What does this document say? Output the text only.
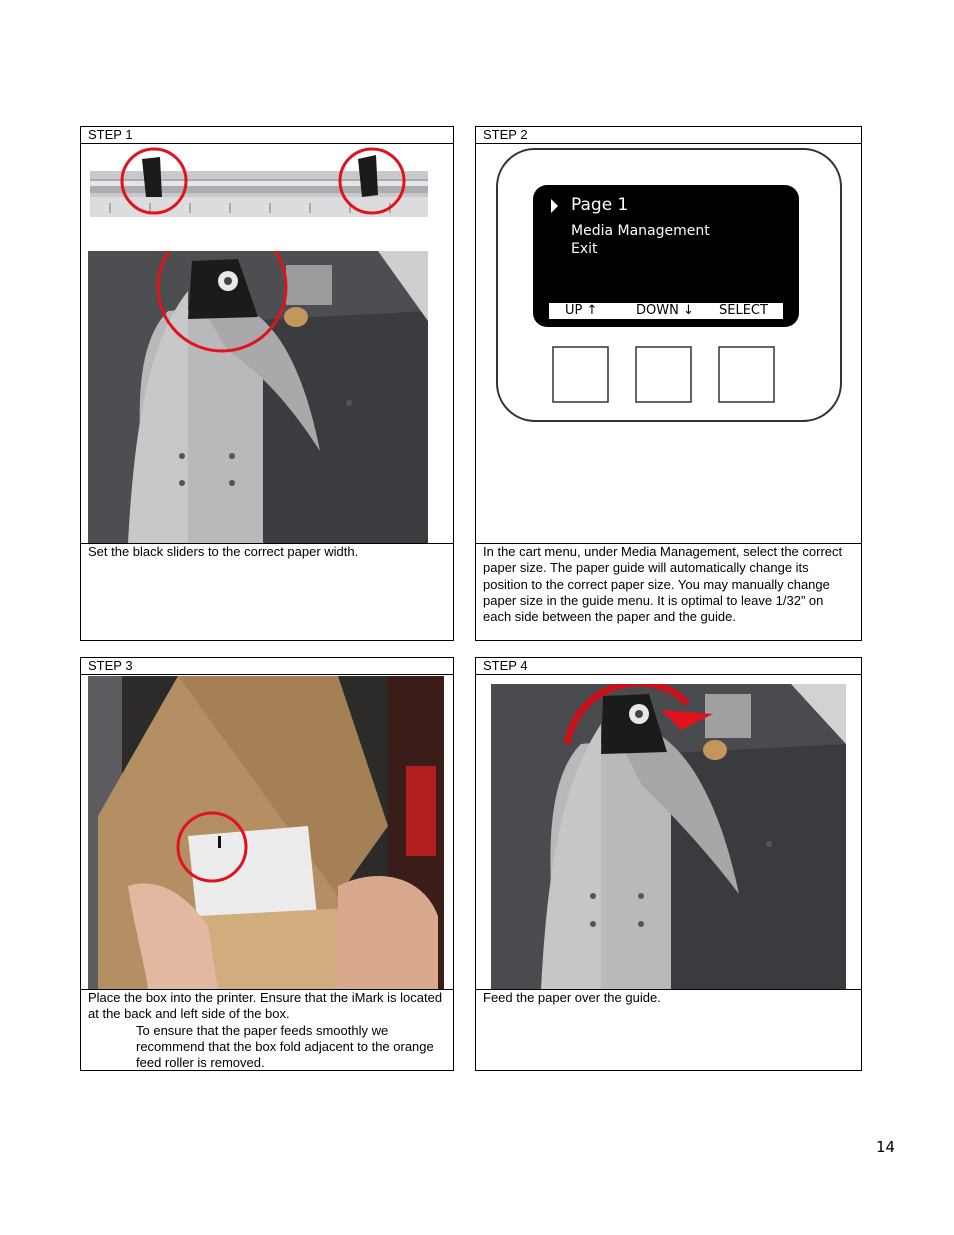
STEP 1

Set the black sliders to the correct paper width.

STEP 2
Page 1
Media Management
Exit
UP ↑	DOWN ↓ SELECT

In the cart menu, under Media Management, select the correct paper size. The paper guide will automatically change its position to the correct paper size. You may manually change paper size in the guide menu. It is optimal to leave 1/32” on each side between the paper and the guide.

STEP 3

Place the box into the printer. Ensure that the iMark is located at the back and left side of the box.

To ensure that the paper feeds smoothly we recommend that the box fold adjacent to the orange feed roller is removed.

STEP 4

Feed the paper over the guide.

14
